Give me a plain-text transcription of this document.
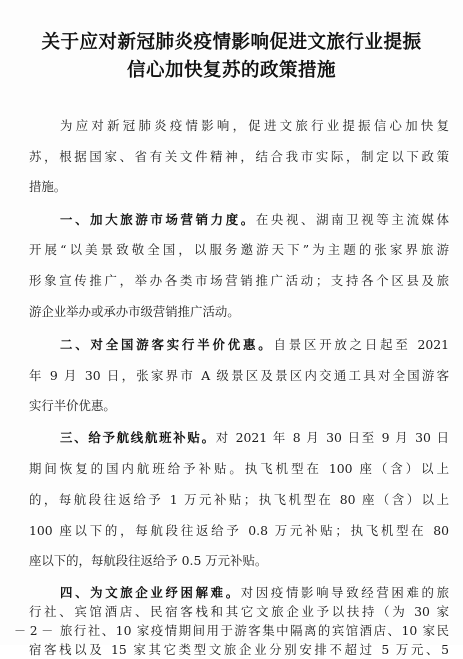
关于应对新冠肺炎疫情影响促进文旅行业提振
信心加快复苏的政策措施
为应对新冠肺炎疫情影响，促进文旅行业提振信心加快复
苏，根据国家、省有关文件精神，结合我市实际，制定以下政策
措施。
一、加大旅游市场营销力度。在央视、湖南卫视等主流媒体
开展“以美景致敬全国，以服务邀游天下”为主题的张家界旅游
形象宣传推广，举办各类市场营销推广活动；支持各个区县及旅
游企业举办或承办市级营销推广活动。
二、对全国游客实行半价优惠。自景区开放之日起至 2021
年 9 月 30 日，张家界市 A 级景区及景区内交通工具对全国游客
实行半价优惠。
三、给予航线航班补贴。对 2021 年 8 月 30 日至 9 月 30 日
期间恢复的国内航班给予补贴。执飞机型在 100 座（含）以上
的，每航段往返给予 1 万元补贴；执飞机型在 80 座（含）以上
100 座以下的，每航段往返给予 0.8 万元补贴；执飞机型在 80
座以下的，每航段往返给予 0.5 万元补贴。
四、为文旅企业纾困解难。对因疫情影响导致经营困难的旅
行社、宾馆酒店、民宿客栈和其它文旅企业予以扶持（为 30 家
旅行社、10 家疫情期间用于游客集中隔离的宾馆酒店、10 家民
宿客栈以及 15 家其它类型文旅企业分别安排不超过 5 万元、5
－ 2 －
